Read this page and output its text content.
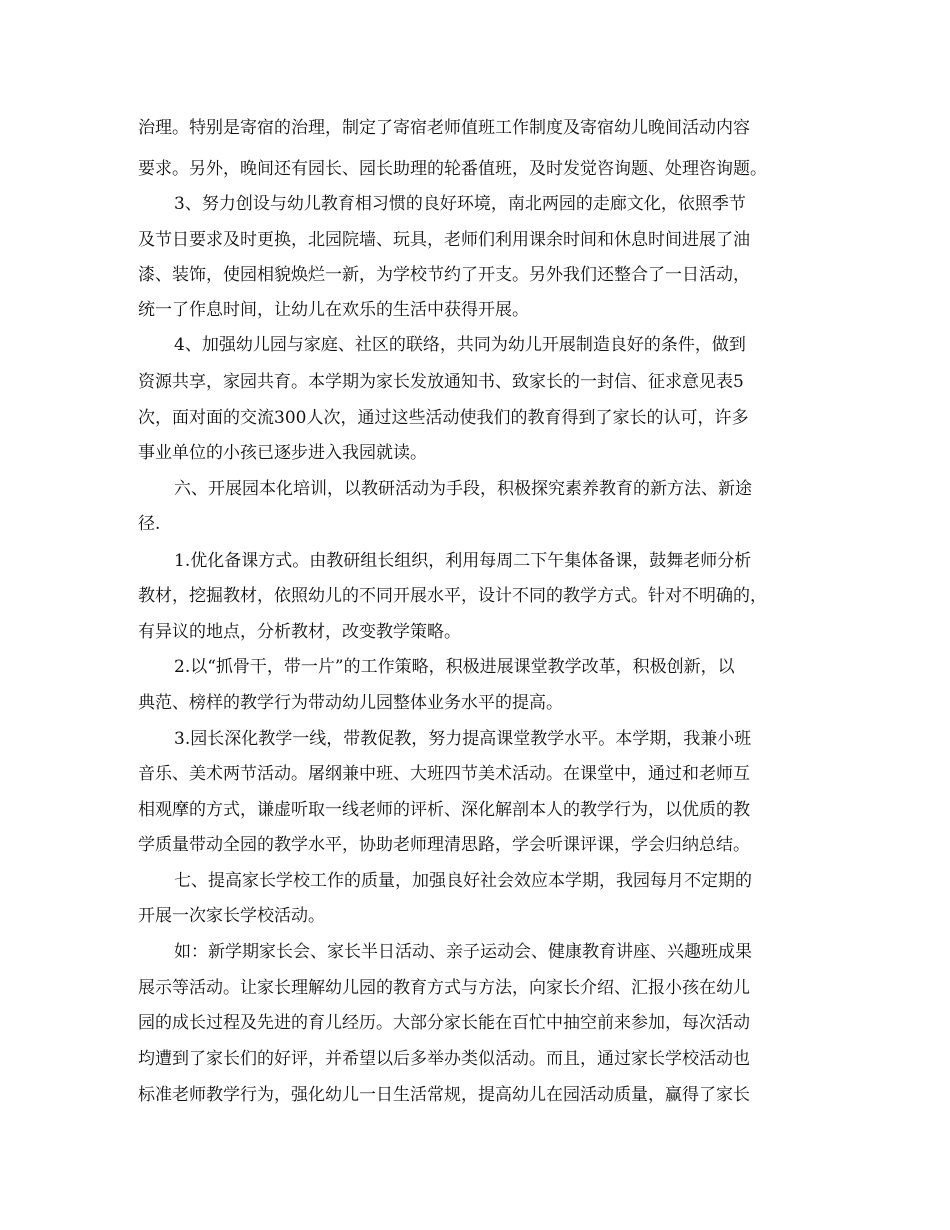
治理。特别是寄宿的治理，制定了寄宿老师值班工作制度及寄宿幼儿晚间活动内容
要求。另外，晚间还有园长、园长助理的轮番值班，及时发觉咨询题、处理咨询题。
3、努力创设与幼儿教育相习惯的良好环境，南北两园的走廊文化，依照季节
及节日要求及时更换，北园院墙、玩具，老师们利用课余时间和休息时间进展了油
漆、装饰，使园相貌焕烂一新，为学校节约了开支。另外我们还整合了一日活动，
统一了作息时间，让幼儿在欢乐的生活中获得开展。
4、加强幼儿园与家庭、社区的联络，共同为幼儿开展制造良好的条件，做到
资源共享，家园共育。本学期为家长发放通知书、致家长的一封信、征求意见表5
次，面对面的交流300人次，通过这些活动使我们的教育得到了家长的认可，许多
事业单位的小孩已逐步进入我园就读。
六、开展园本化培训，以教研活动为手段，积极探究素养教育的新方法、新途
径.
1.优化备课方式。由教研组长组织，利用每周二下午集体备课，鼓舞老师分析
教材，挖掘教材，依照幼儿的不同开展水平，设计不同的教学方式。针对不明确的，
有异议的地点，分析教材，改变教学策略。
2.以“抓骨干，带一片”的工作策略，积极进展课堂教学改革，积极创新，以
典范、榜样的教学行为带动幼儿园整体业务水平的提高。
3.园长深化教学一线，带教促教，努力提高课堂教学水平。本学期，我兼小班
音乐、美术两节活动。屠纲兼中班、大班四节美术活动。在课堂中，通过和老师互
相观摩的方式，谦虚听取一线老师的评析、深化解剖本人的教学行为，以优质的教
学质量带动全园的教学水平，协助老师理清思路，学会听课评课，学会归纳总结。
七、提高家长学校工作的质量，加强良好社会效应本学期，我园每月不定期的
开展一次家长学校活动。
如：新学期家长会、家长半日活动、亲子运动会、健康教育讲座、兴趣班成果
展示等活动。让家长理解幼儿园的教育方式与方法，向家长介绍、汇报小孩在幼儿
园的成长过程及先进的育儿经历。大部分家长能在百忙中抽空前来参加，每次活动
均遭到了家长们的好评，并希望以后多举办类似活动。而且，通过家长学校活动也
标准老师教学行为，强化幼儿一日生活常规，提高幼儿在园活动质量，赢得了家长
